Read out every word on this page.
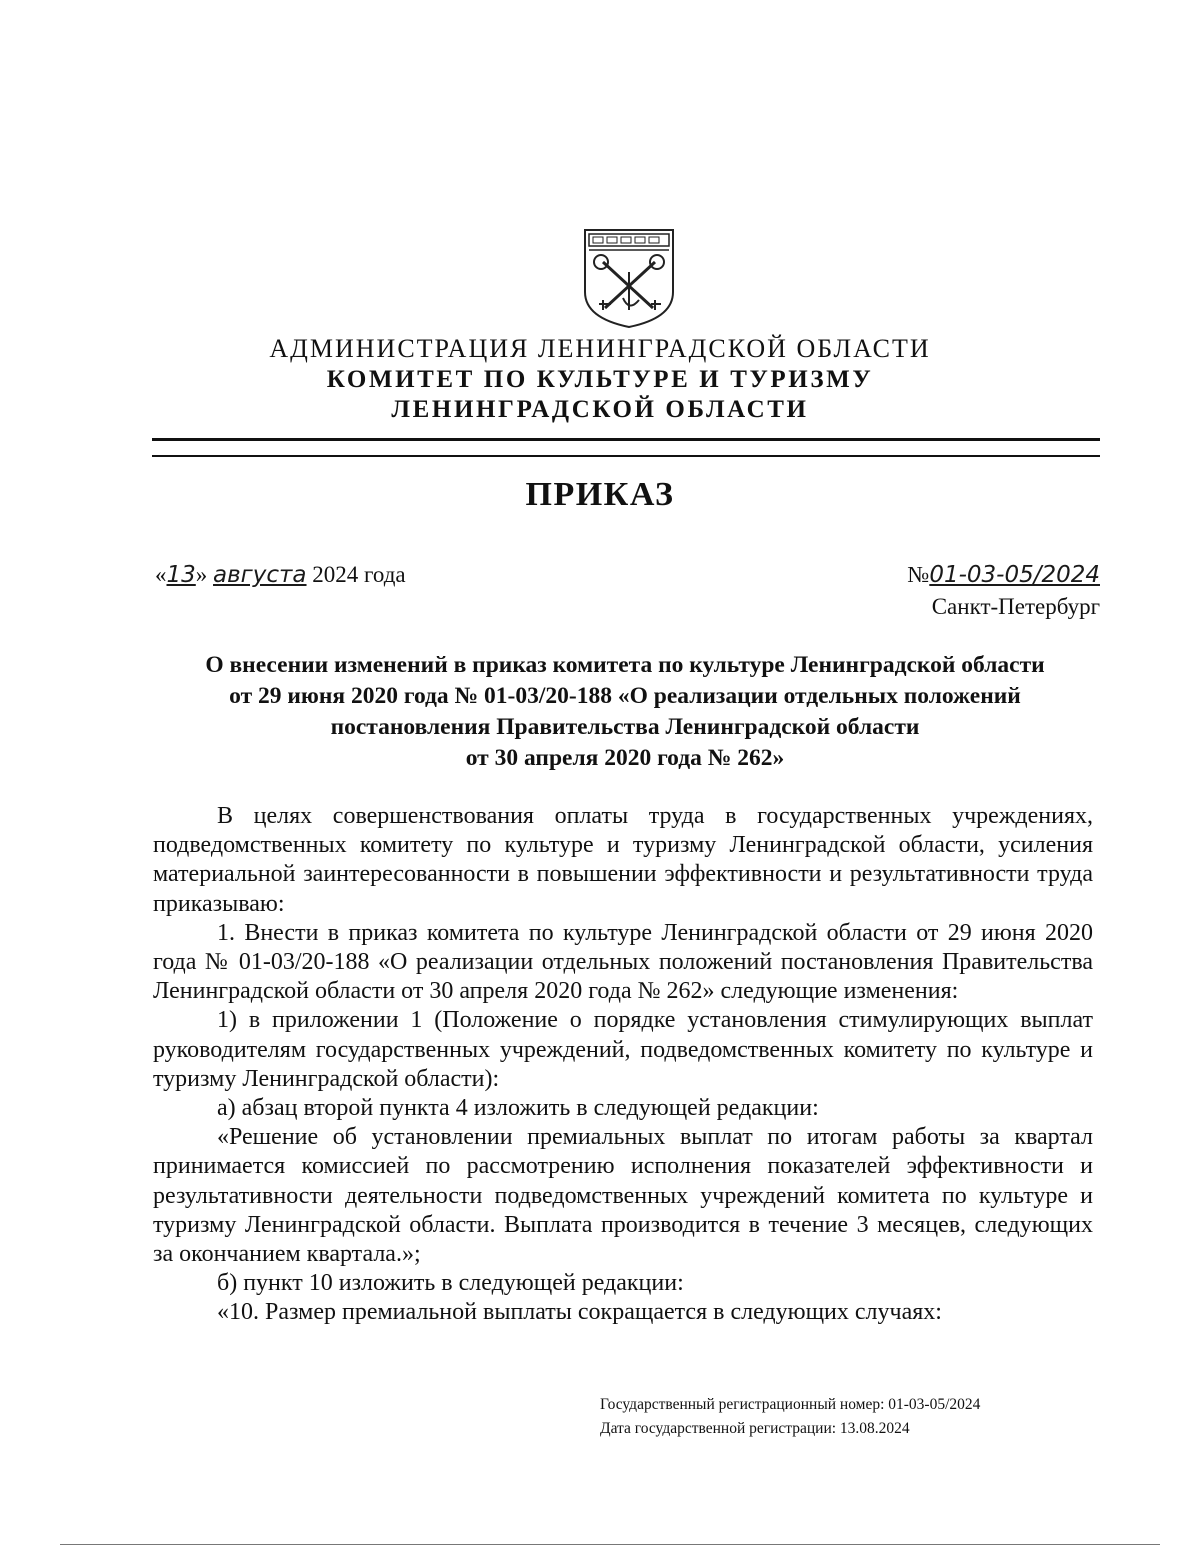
АДМИНИСТРАЦИЯ ЛЕНИНГРАДСКОЙ ОБЛАСТИ
КОМИТЕТ ПО КУЛЬТУРЕ И ТУРИЗМУ
ЛЕНИНГРАДСКОЙ ОБЛАСТИ
ПРИКАЗ
«13» августа 2024 года	№01-03-05/2024
Санкт-Петербург
О внесении изменений в приказ комитета по культуре Ленинградской области
от 29 июня 2020 года № 01-03/20-188 «О реализации отдельных положений
постановления Правительства Ленинградской области
от 30 апреля 2020 года № 262»

В целях совершенствования оплаты труда в государственных учреждениях, подведомственных комитету по культуре и туризму Ленинградской области, усиления материальной заинтересованности в повышении эффективности и результативности труда приказываю:

1. Внести в приказ комитета по культуре Ленинградской области от 29 июня 2020 года № 01-03/20-188 «О реализации отдельных положений постановления Правительства Ленинградской области от 30 апреля 2020 года № 262» следующие изменения:

1) в приложении 1 (Положение о порядке установления стимулирующих выплат руководителям государственных учреждений, подведомственных комитету по культуре и туризму Ленинградской области):

а) абзац второй пункта 4 изложить в следующей редакции:

«Решение об установлении премиальных выплат по итогам работы за квартал принимается комиссией по рассмотрению исполнения показателей эффективности и результативности деятельности подведомственных учреждений комитета по культуре и туризму Ленинградской области. Выплата производится в течение 3 месяцев, следующих за окончанием квартала.»;

б) пункт 10 изложить в следующей редакции:

«10. Размер премиальной выплаты сокращается в следующих случаях:

Государственный регистрационный номер: 01-03-05/2024
Дата государственной регистрации: 13.08.2024
